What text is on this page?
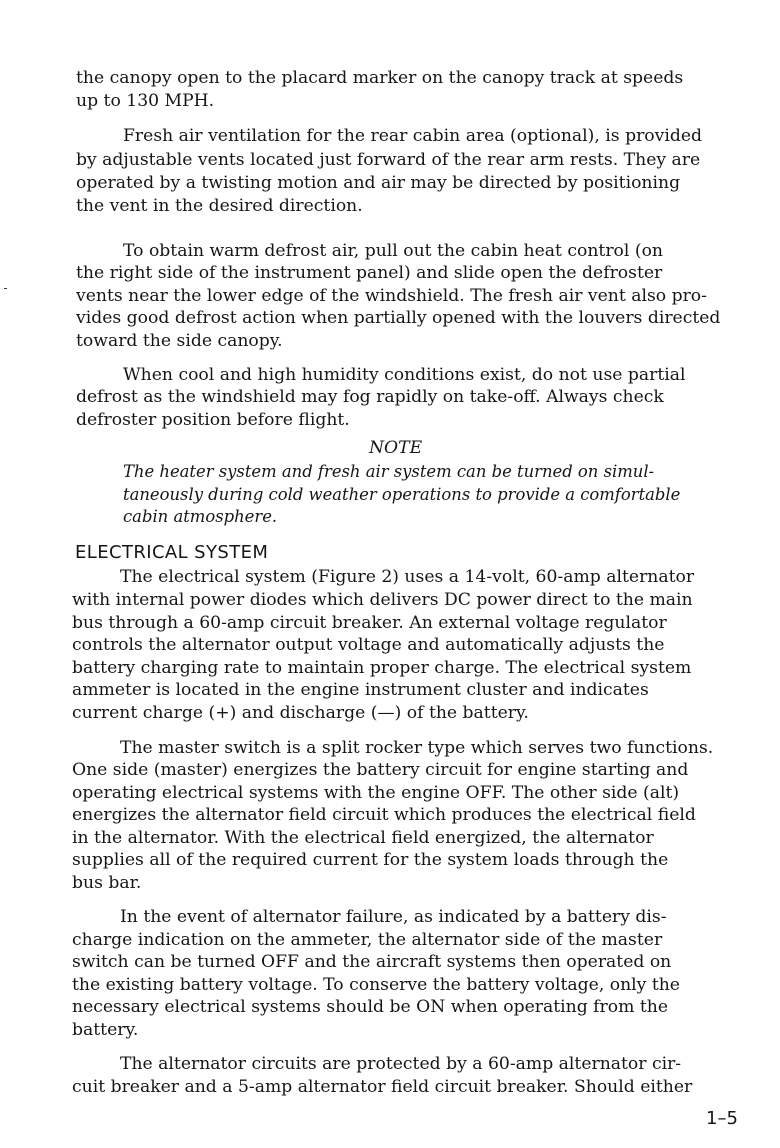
the canopy open to the placard marker on the canopy track at speeds
up to 130 MPH.
Fresh air ventilation for the rear cabin area (optional), is provided
by adjustable vents located just forward of the rear arm rests. They are
operated by a twisting motion and air may be directed by positioning
the vent in the desired direction.
To obtain warm defrost air, pull out the cabin heat control (on
the right side of the instrument panel) and slide open the defroster
vents near the lower edge of the windshield. The fresh air vent also pro-
vides good defrost action when partially opened with the louvers directed
toward the side canopy.
When cool and high humidity conditions exist, do not use partial
defrost as the windshield may fog rapidly on take-off. Always check
defroster position before flight.
NOTE
The heater system and fresh air system can be turned on simul-
taneously during cold weather operations to provide a comfortable
cabin atmosphere.
ELECTRICAL SYSTEM
The electrical system (Figure 2) uses a 14-volt, 60-amp alternator
with internal power diodes which delivers DC power direct to the main
bus through a 60-amp circuit breaker. An external voltage regulator
controls the alternator output voltage and automatically adjusts the
battery charging rate to maintain proper charge. The electrical system
ammeter is located in the engine instrument cluster and indicates
current charge (+) and discharge (—) of the battery.
The master switch is a split rocker type which serves two functions.
One side (master) energizes the battery circuit for engine starting and
operating electrical systems with the engine OFF. The other side (alt)
energizes the alternator field circuit which produces the electrical field
in the alternator. With the electrical field energized, the alternator
supplies all of the required current for the system loads through the
bus bar.
In the event of alternator failure, as indicated by a battery dis-
charge indication on the ammeter, the alternator side of the master
switch can be turned OFF and the aircraft systems then operated on
the existing battery voltage. To conserve the battery voltage, only the
necessary electrical systems should be ON when operating from the
battery.
The alternator circuits are protected by a 60-amp alternator cir-
cuit breaker and a 5-amp alternator field circuit breaker. Should either
1–5
